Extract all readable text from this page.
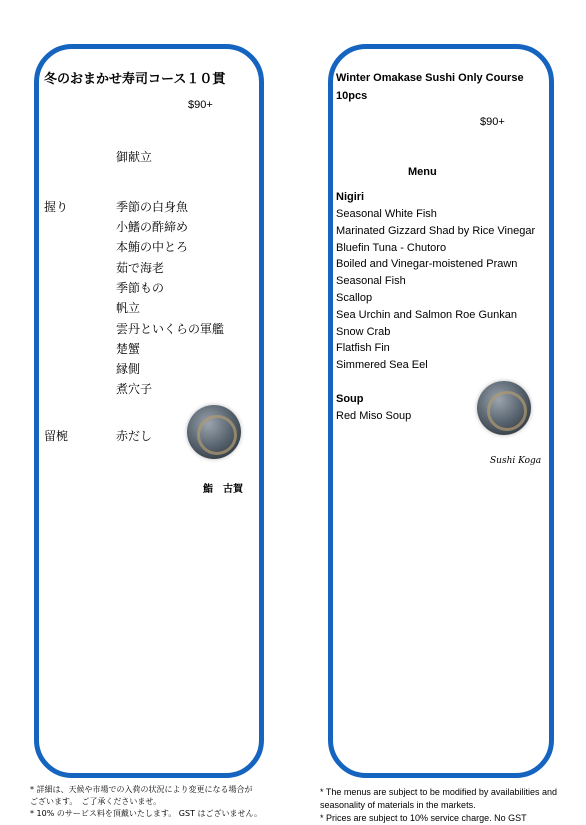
冬のおまかせ寿司コース１０貫
$90+
御献立
握り	季節の白身魚
小鰭の酢締め
本鮪の中とろ
茹で海老
季節もの
帆立
雲丹といくらの軍艦
楚蟹
縁側
煮穴子
留椀	赤だし
鮨　古賀
Winter Omakase Sushi Only Course
10pcs
$90+
Menu
Nigiri
Seasonal White Fish
Marinated Gizzard Shad by Rice Vinegar
Bluefin Tuna - Chutoro
Boiled and Vinegar-moistened Prawn
Seasonal Fish
Scallop
Sea Urchin and Salmon Roe Gunkan
Snow Crab
Flatfish Fin
Simmered Sea Eel
Soup
Red Miso Soup
Sushi Koga
* 詳細は、天候や市場での入荷の状況により変更になる場合が
ございます。　ご了承くださいませ。
* 10% のサービス料を頂戴いたします。 GST はございません。
* The menus are subject to be modified by availabilities and
seasonality of materials in the markets.
* Prices are subject to 10% service charge. No GST
